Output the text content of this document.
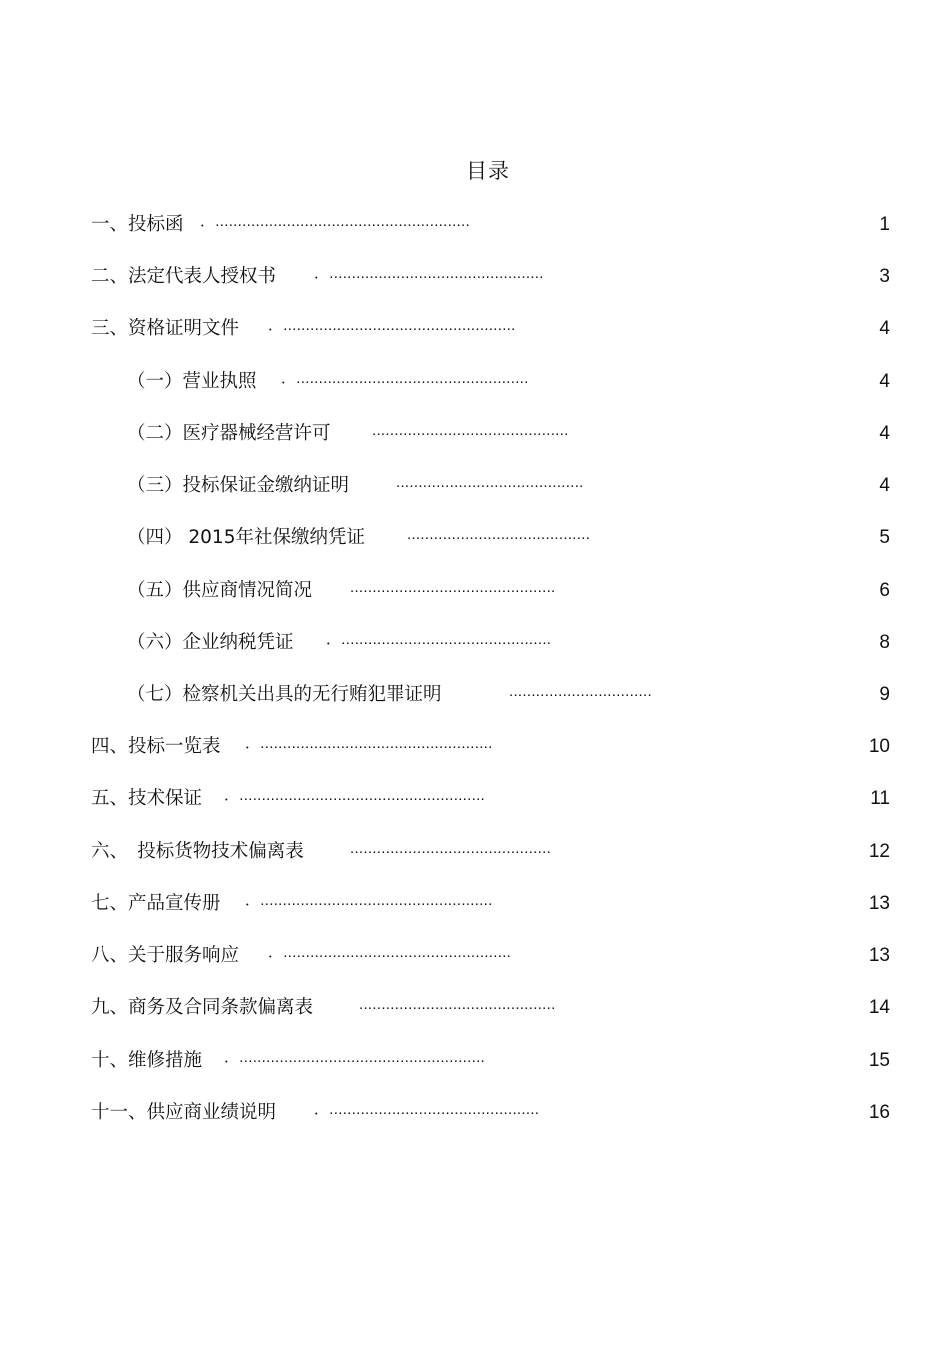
目录
一、投标函 ．.........................................................	1
二、法定代表人授权书	．................................................	3
三、资格证明文件 ．....................................................	4
（一）营业执照 ．....................................................	4
（二）医疗器械经营许可	............................................	4
（三）投标保证金缴纳证明	..........................................	4
（四） 2015年社保缴纳凭证	.........................................	5
（五）供应商情况简况	..............................................	6
（六）企业纳税凭证 ．...............................................	8
（七）检察机关出具的无行贿犯罪证明	................................	9
四、投标一览表 ．....................................................	10
五、技术保证 ．.......................................................	11
六、　投标货物技术偏离表	.............................................	12
七、产品宣传册 ．....................................................	13
八、关于服务响应 ．...................................................	13
九、商务及合同条款偏离表	............................................	14
十、维修措施 ．.......................................................	15
十一、供应商业绩说明	．...............................................	16
